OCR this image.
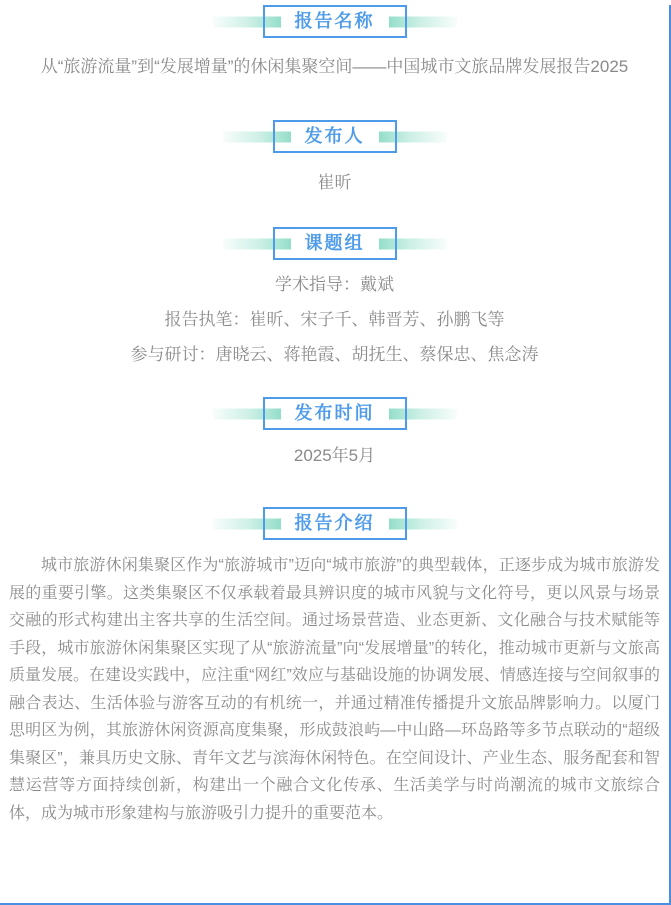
报告名称
从“旅游流量”到“发展增量”的休闲集聚空间——中国城市文旅品牌发展报告2025
发布人
崔昕
课题组
学术指导：戴斌
报告执笔：崔昕、宋子千、韩晋芳、孙鹏飞等
参与研讨：唐晓云、蒋艳霞、胡抚生、蔡保忠、焦念涛
发布时间
2025年5月
报告介绍
城市旅游休闲集聚区作为“旅游城市”迈向“城市旅游”的典型载体，正逐步成为城市旅游发展的重要引擎。这类集聚区不仅承载着最具辨识度的城市风貌与文化符号，更以风景与场景交融的形式构建出主客共享的生活空间。通过场景营造、业态更新、文化融合与技术赋能等手段，城市旅游休闲集聚区实现了从“旅游流量”向“发展增量”的转化，推动城市更新与文旅高质量发展。在建设实践中，应注重“网红”效应与基础设施的协调发展、情感连接与空间叙事的融合表达、生活体验与游客互动的有机统一，并通过精准传播提升文旅品牌影响力。以厦门思明区为例，其旅游休闲资源高度集聚，形成鼓浪屿—中山路—环岛路等多节点联动的“超级集聚区”，兼具历史文脉、青年文艺与滨海休闲特色。在空间设计、产业生态、服务配套和智慧运营等方面持续创新，构建出一个融合文化传承、生活美学与时尚潮流的城市文旅综合体，成为城市形象建构与旅游吸引力提升的重要范本。
